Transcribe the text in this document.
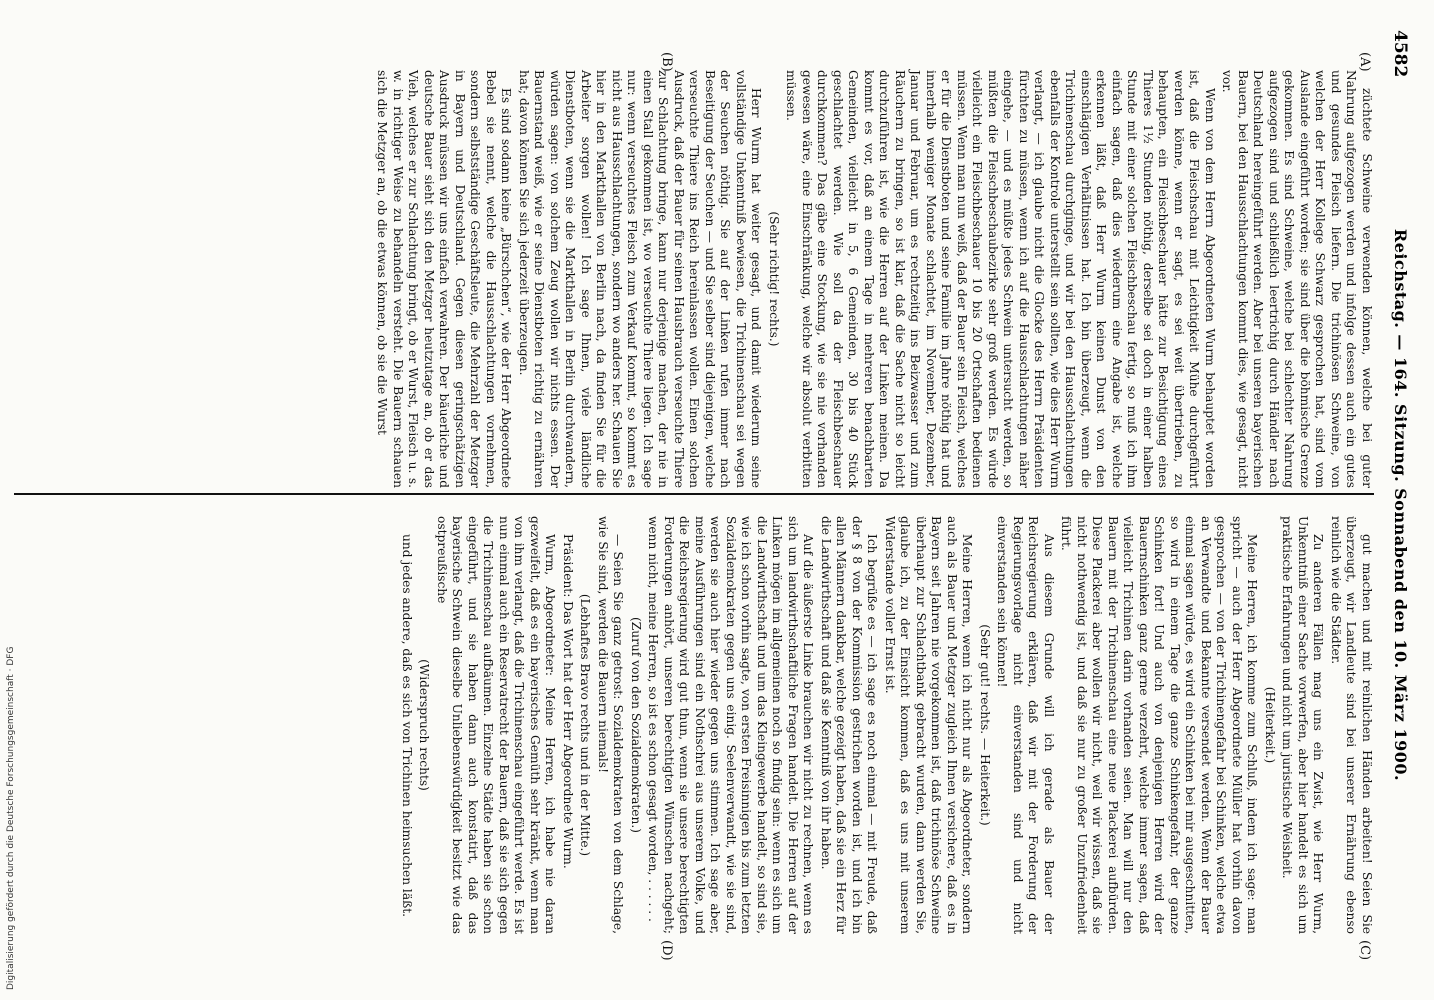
4582
Reichstag. — 164. Sitzung. Sonnabend den 10. März 1900.
(A)
(B)
(C)
(D)

züchtete Schweine verwenden können, welche bei guter Nahrung aufgezogen werden und infolge dessen auch ein gutes und gesundes Fleisch liefern. Die trichinösen Schweine, von welchen der Herr Kollege Schwarz gesprochen hat, sind vom Auslande eingeführt worden; sie sind über die böhmische Grenze gekommen. Es sind Schweine, welche bei schlechter Nahrung aufgezogen sind und schließlich leertrichig durch Händler nach Deutschland hereingeführt werden. Aber bei unseren bayerischen Bauern, bei den Hausschlachtungen kommt dies, wie gesagt, nicht vor.

Wenn von dem Herrn Abgeordneten Wurm behauptet worden ist, daß die Fleischschau mit Leichtigkeit Mühe durchgeführt werden könne, wenn er sagt, es sei weit übertrieben, zu behaupten, ein Fleischbeschauer hätte zur Besichtigung eines Thieres 1½ Stunden nöthig, derselbe sei doch in einer halben Stunde mit einer solchen Fleischbeschau fertig, so muß ich ihm einfach sagen, daß dies wiederum eine Angabe ist, welche erkennen läßt, daß Herr Wurm keinen Dunst von den einschlägigen Verhältnissen hat. Ich bin überzeugt, wenn die Trichinenschau durchginge, und wir bei den Hausschlachtungen ebenfalls der Kontrole unterstellt sein sollten, wie dies Herr Wurm verlangt, — ich glaube nicht die Glocke des Herrn Präsidenten fürchten zu müssen, wenn ich auf die Hausschlachtungen näher eingehe, — und es müßte jedes Schwein untersucht werden, so müßten die Fleischbeschaubezirke sehr groß werden. Es würde vielleicht ein Fleischbeschauer 10 bis 20 Ortschaften bedienen müssen. Wenn man nun weiß, daß der Bauer sein Fleisch, welches er für die Dienstboten und seine Familie im Jahre nöthig hat und innerhalb weniger Monate schlachtet, im November, Dezember, Januar und Februar, um es rechtzeitig ins Beizwasser und zum Räuchern zu bringen, so ist klar, daß die Sache nicht so leicht durchzuführen ist, wie die Herren auf der Linken meinen. Da kommt es vor, daß an einem Tage in mehreren benachbarten Gemeinden, vielleicht in 5, 6 Gemeinden, 30 bis 40 Stück geschlachtet werden. Wie soll da der Fleischbeschauer durchkommen? Das gäbe eine Stockung, wie sie nie vorhanden gewesen wäre, eine Einschränkung, welche wir absolut verbitten müssen.

(Sehr richtig! rechts.)

Herr Wurm hat weiter gesagt, und damit wiederum seine vollständige Unkenntniß bewiesen, die Trichinenschau sei wegen der Seuchen nöthig. Sie auf der Linken rufen immer nach Beseitigung der Seuchen — und Sie selber sind diejenigen, welche verseuchte Thiere ins Reich hereinlassen wollen. Einen solchen Ausdruck, daß der Bauer für seinen Hausbrauch verseuchte Thiere zur Schlachtung bringe, kann nur derjenige machen, der nie in einen Stall gekommen ist, wo verseuchte Thiere liegen. Ich sage nur: wenn verseuchtes Fleisch zum Verkauf kommt, so kommt es nicht aus Hausschlachtungen, sondern wo anders her. Schauen Sie hier in den Markthallen von Berlin nach, da finden Sie für die Arbeiter sorgen wollen! Ich sage Ihnen, viele ländliche Dienstboten, wenn sie die Markthallen in Berlin durchwandern, würden sagen: von solchem Zeug wollen wir nichts essen. Der Bauernstand weiß, wie er seine Dienstboten richtig zu ernähren hat; davon können Sie sich jederzeit überzeugen.

Es sind sodann keine „Bürschchen“, wie der Herr Abgeordnete Bebel sie nennt, welche die Hausschlachtungen vornehmen, sondern selbstständige Geschäftsleute, die Mehrzahl der Metzger in Bayern und Deutschland. Gegen diesen geringschätzigen Ausdruck müssen wir uns einfach verwahren. Der bäuerliche und deutsche Bauer sieht sich den Metzger heutzutage an, ob er das Vieh, welches er zur Schlachtung bringt, ob er Wurst, Fleisch u. s. w. in richtiger Weise zu behandeln versteht. Die Bauern schauen sich die Metzger an, ob die etwas können, ob sie die Wurst

gut machen und mit reinlichen Händen arbeiten! Seien Sie überzeugt, wir Landleute sind bei unserer Ernährung ebenso reinlich wie die Städter.

Zu anderen Fällen mag uns ein Zwist, wie Herr Wurm, Unkenntniß einer Sache vorwerfen, aber hier handelt es sich um praktische Erfahrungen und nicht um juristische Weisheit.

(Heiterkeit.)

Meine Herren, ich komme zum Schluß, indem ich sage: man spricht — auch der Herr Abgeordnete Müller hat vorhin davon gesprochen — von der Trichinengefahr bei Schinken, welche etwa an Verwandte und Bekannte versendet werden. Wenn der Bauer einmal sagen würde, es wird ein Schinken bei mir ausgeschnitten, so wird in einem Tage die ganze Schinkengefahr, der ganze Schinken fort! Und auch von denjenigen Herren wird der Bauernschinken ganz gerne verzehrt, welche immer sagen, daß vielleicht Trichinen darin vorhanden seien. Man will nur den Bauern mit der Trichinenschau eine neue Plackerei aufbürden. Diese Plackerei aber wollen wir nicht, weil wir wissen, daß sie nicht nothwendig ist, und daß sie nur zu großer Unzufriedenheit führt.

Aus diesem Grunde will ich gerade als Bauer der Reichsregierung erklären, daß wir mit der Forderung der Regierungsvorlage nicht einverstanden sind und nicht einverstanden sein können!

(Sehr gut! rechts. — Heiterkeit.)

Meine Herren, wenn ich nicht nur als Abgeordneter, sondern auch als Bauer und Metzger zugleich Ihnen versichere, daß es in Bayern seit Jahren nie vorgekommen ist, daß trichinöse Schweine überhaupt zur Schlachtbank gebracht wurden, dann werden Sie, glaube ich, zu der Einsicht kommen, daß es uns mit unserem Widerstande voller Ernst ist.

Ich begrüße es — ich sage es noch einmal — mit Freude, daß der § 8 von der Kommission gestrichen worden ist, und ich bin allen Männern dankbar, welche gezeigt haben, daß sie ein Herz für die Landwirthschaft und daß sie Kenntniß von ihr haben.

Auf die äußerste Linke brauchen wir nicht zu rechnen, wenn es sich um landwirthschaftliche Fragen handelt. Die Herren auf der Linken mögen im allgemeinen noch so findig sein: wenn es sich um die Landwirthschaft und um das Kleingewerbe handelt, so sind sie, wie ich schon vorhin sagte, von ersten Freisinnigen bis zum letzten Sozialdemokraten gegen uns einig. Seelenverwandt, wie sie sind, werden sie auch hier wieder gegen uns stimmen. Ich sage aber, meine Ausführungen sind ein Nothschrei aus unserem Volke, und die Reichsregierung wird gut thun, wenn sie unsere berechtigten Forderungen anhört, unseren berechtigten Wünschen nachgeht; wenn nicht, meine Herren, so ist es schon gesagt worden, . . . . . .

(Zuruf von den Sozialdemokraten.)

— Seien Sie ganz getrost: Sozialdemokraten von dem Schlage, wie Sie sind, werden die Bauern niemals!

(Lebhaftes Bravo rechts und in der Mitte.)

Präsident: Das Wort hat der Herr Abgeordnete Wurm.

Wurm, Abgeordneter: Meine Herren, ich habe nie daran gezweifelt, daß es ein bayerisches Gemüth sehr kränkt, wenn man von ihm verlangt, daß die Trichinenschau eingeführt werde. Es ist nun einmal auch ein Reservatrecht der Bauern, daß sie sich gegen die Trichinenschau aufbäumen. Einzelne Städte haben sie schon eingeführt, und sie haben dann auch konstatirt, daß das bayerische Schwein dieselbe Unliebenswürdigkeit besitzt wie das ostpreußische

(Widerspruch rechts)

und jedes andere, daß es sich von Trichinen heimsuchen läßt.

Digitalisierung gefördert durch die Deutsche Forschungsgemeinschaft · DFG
